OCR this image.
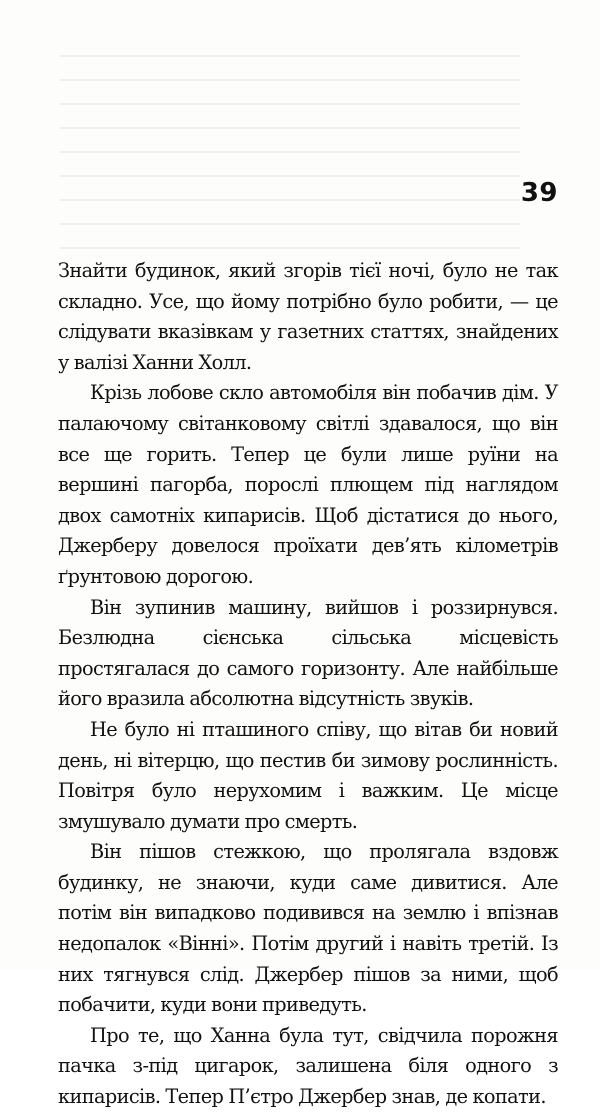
39

Знайти будинок, який згорів тієї ночі, було не так складно. Усе, що йому потрібно було робити, — це слідувати вказівкам у газетних статтях, знайдених у валізі Ханни Холл.

Крізь лобове скло автомобіля він побачив дім. У палаючому світанковому світлі здавалося, що він все ще горить. Тепер це були лише руїни на вершині пагорба, порослі плющем під наглядом двох самотніх кипарисів. Щоб дістатися до нього, Джерберу довелося проїхати дев’ять кілометрів ґрунтовою дорогою.

Він зупинив машину, вийшов і роззирнувся. Безлюдна сієнська сільська місцевість простягалася до самого горизонту. Але найбільше його вразила абсолютна відсутність звуків.

Не було ні пташиного співу, що вітав би новий день, ні вітерцю, що пестив би зимову рослинність. Повітря було нерухомим і важким. Це місце змушувало думати про смерть.

Він пішов стежкою, що пролягала вздовж будинку, не знаючи, куди саме дивитися. Але потім він випадково подивився на землю і впізнав недопалок «Вінні». Потім другий і навіть третій. Із них тягнувся слід. Джербер пішов за ними, щоб побачити, куди вони приведуть.

Про те, що Ханна була тут, свідчила порожня пачка з-під цигарок, залишена біля одного з кипарисів. Тепер П’єтро Джербер знав, де копати.
